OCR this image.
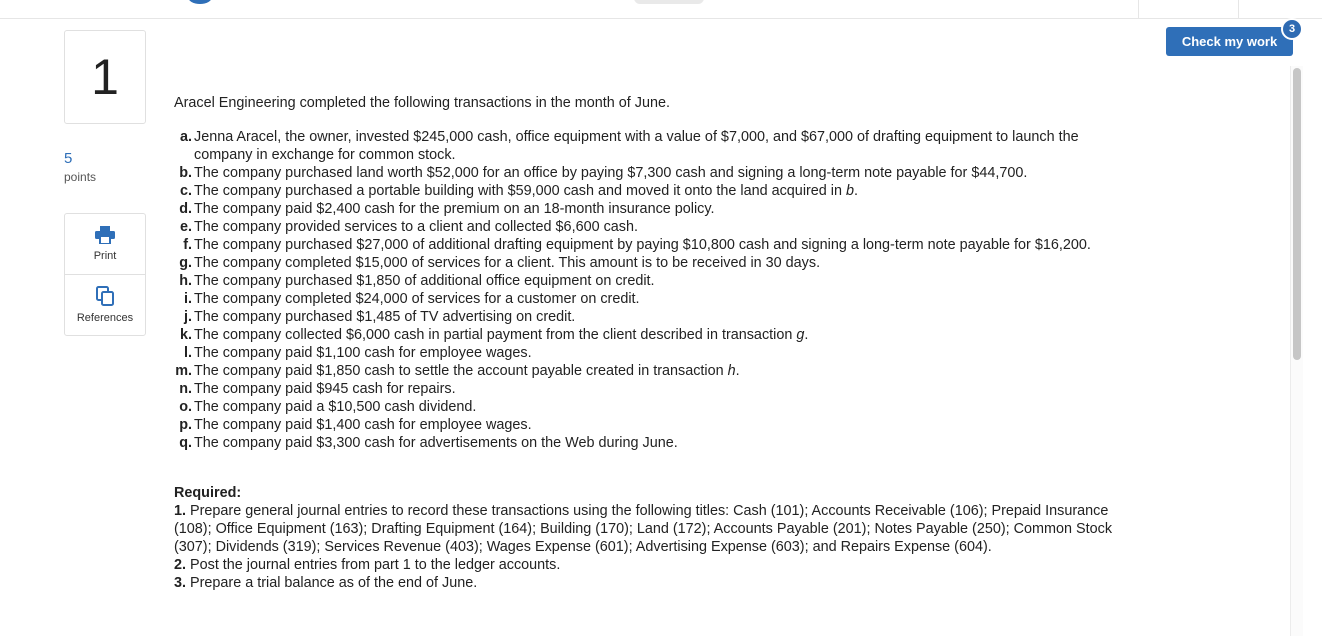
1
5
points
Print
References

Aracel Engineering completed the following transactions in the month of June.

a. Jenna Aracel, the owner, invested $245,000 cash, office equipment with a value of $7,000, and $67,000 of drafting equipment to launch the company in exchange for common stock.
b. The company purchased land worth $52,000 for an office by paying $7,300 cash and signing a long-term note payable for $44,700.
c. The company purchased a portable building with $59,000 cash and moved it onto the land acquired in b.
d. The company paid $2,400 cash for the premium on an 18-month insurance policy.
e. The company provided services to a client and collected $6,600 cash.
f. The company purchased $27,000 of additional drafting equipment by paying $10,800 cash and signing a long-term note payable for $16,200.
g. The company completed $15,000 of services for a client. This amount is to be received in 30 days.
h. The company purchased $1,850 of additional office equipment on credit.
i. The company completed $24,000 of services for a customer on credit.
j. The company purchased $1,485 of TV advertising on credit.
k. The company collected $6,000 cash in partial payment from the client described in transaction g.
l. The company paid $1,100 cash for employee wages.
m. The company paid $1,850 cash to settle the account payable created in transaction h.
n. The company paid $945 cash for repairs.
o. The company paid a $10,500 cash dividend.
p. The company paid $1,400 cash for employee wages.
q. The company paid $3,300 cash for advertisements on the Web during June.
Required:
1. Prepare general journal entries to record these transactions using the following titles: Cash (101); Accounts Receivable (106); Prepaid Insurance (108); Office Equipment (163); Drafting Equipment (164); Building (170); Land (172); Accounts Payable (201); Notes Payable (250); Common Stock (307); Dividends (319); Services Revenue (403); Wages Expense (601); Advertising Expense (603); and Repairs Expense (604).
2. Post the journal entries from part 1 to the ledger accounts.
3. Prepare a trial balance as of the end of June.
Check my work
3
